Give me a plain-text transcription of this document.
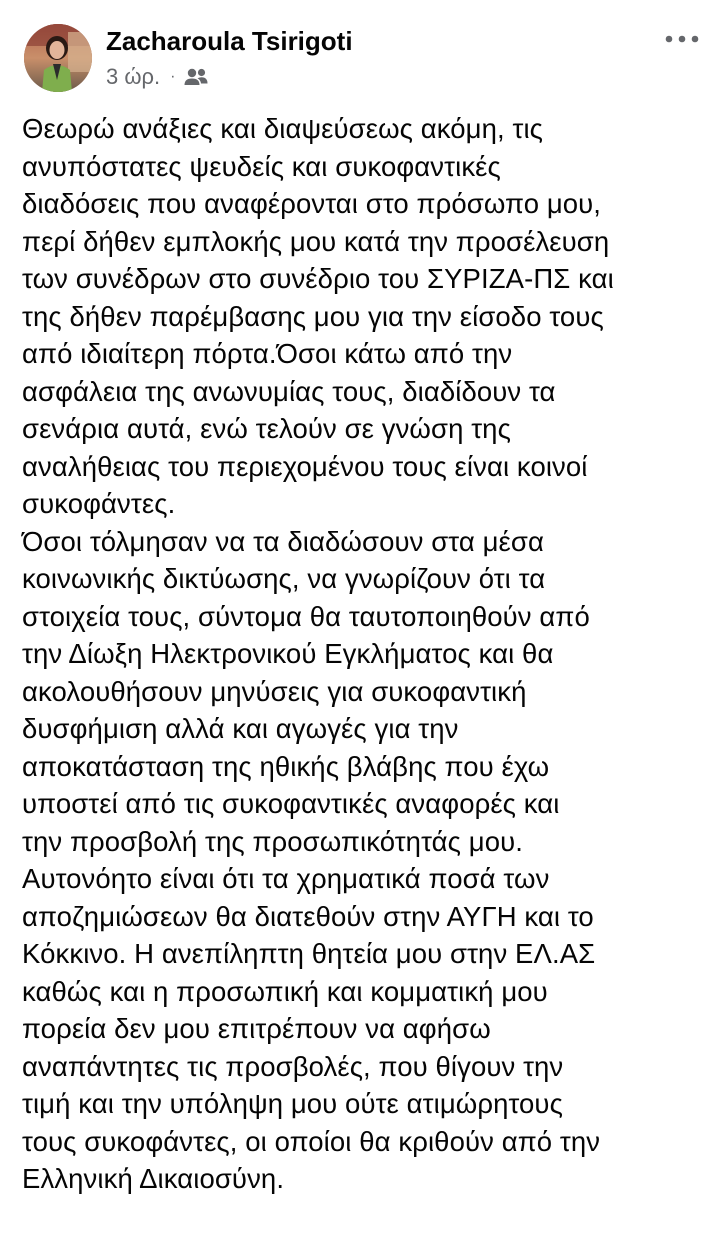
Zacharoula Tsirigoti
3 ώρ. ·
Θεωρώ ανάξιες και διαψεύσεως ακόμη, τις
ανυπόστατες ψευδείς και συκοφαντικές
διαδόσεις που αναφέρονται στο πρόσωπο μου,
περί δήθεν εμπλοκής μου κατά την προσέλευση
των συνέδρων στο συνέδριο του ΣΥΡΙΖΑ-ΠΣ και
της δήθεν παρέμβασης μου για την είσοδο τους
από ιδιαίτερη πόρτα.Όσοι κάτω από την
ασφάλεια της ανωνυμίας τους, διαδίδουν τα
σενάρια αυτά, ενώ τελούν σε γνώση της
αναλήθειας του περιεχομένου τους είναι κοινοί
συκοφάντες.
Όσοι τόλμησαν να τα διαδώσουν στα μέσα
κοινωνικής δικτύωσης, να γνωρίζουν ότι τα
στοιχεία τους, σύντομα θα ταυτοποιηθούν από
την Δίωξη Ηλεκτρονικού Εγκλήματος και θα
ακολουθήσουν μηνύσεις για συκοφαντική
δυσφήμιση αλλά και αγωγές για την
αποκατάσταση της ηθικής βλάβης που έχω
υποστεί από τις συκοφαντικές αναφορές και
την προσβολή της προσωπικότητάς μου.
Αυτονόητο είναι ότι τα χρηματικά ποσά των
αποζημιώσεων θα διατεθούν στην ΑΥΓΗ και το
Κόκκινο. Η ανεπίληπτη θητεία μου στην ΕΛ.ΑΣ
καθώς και η προσωπική και κομματική μου
πορεία δεν μου επιτρέπουν να αφήσω
αναπάντητες τις προσβολές, που θίγουν την
τιμή και την υπόληψη μου ούτε ατιμώρητους
τους συκοφάντες, οι οποίοι θα κριθούν από την
Ελληνική Δικαιοσύνη.
